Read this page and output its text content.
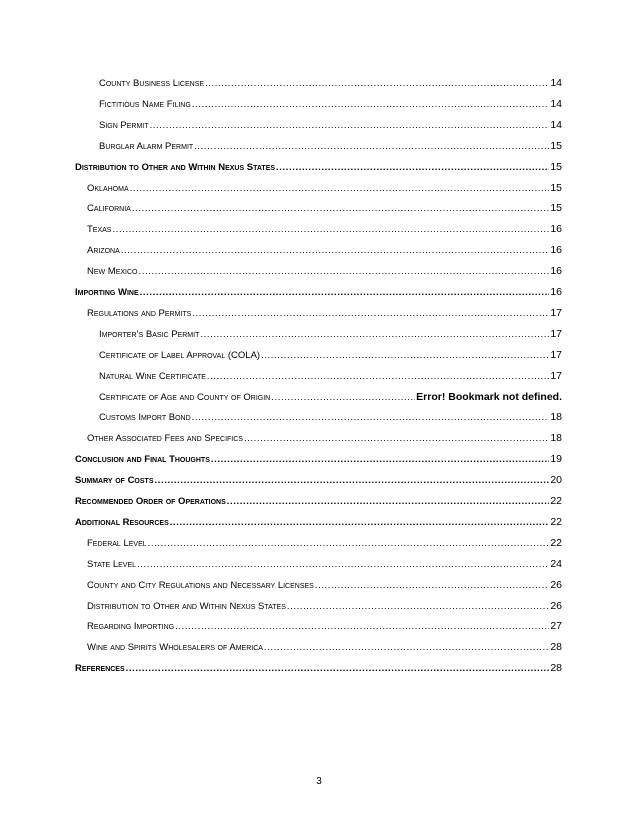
County Business License .....	14
Fictitious Name Filing .....	14
Sign Permit .....	14
Burglar Alarm Permit .....	15
Distribution to Other and Within Nexus States .....	15
Oklahoma .....	15
California .....	15
Texas .....	16
Arizona .....	16
New Mexico .....	16
Importing Wine .....	16
Regulations and Permits .....	17
Importer’s Basic Permit .....	17
Certificate of Label Approval (COLA) .....	17
Natural Wine Certificate .....	17
Certificate of Age and County of Origin .....	Error! Bookmark not defined.
Customs Import Bond .....	18
Other Associated Fees and Specifics .....	18
Conclusion and Final Thoughts .....	19
Summary of Costs .....	20
Recommended Order of Operations .....	22
Additional Resources .....	22
Federal Level .....	22
State Level .....	24
County and City Regulations and Necessary Licenses .....	26
Distribution to Other and Within Nexus States .....	26
Regarding Importing .....	27
Wine and Spirits Wholesalers of America .....	28
References .....	28
3
